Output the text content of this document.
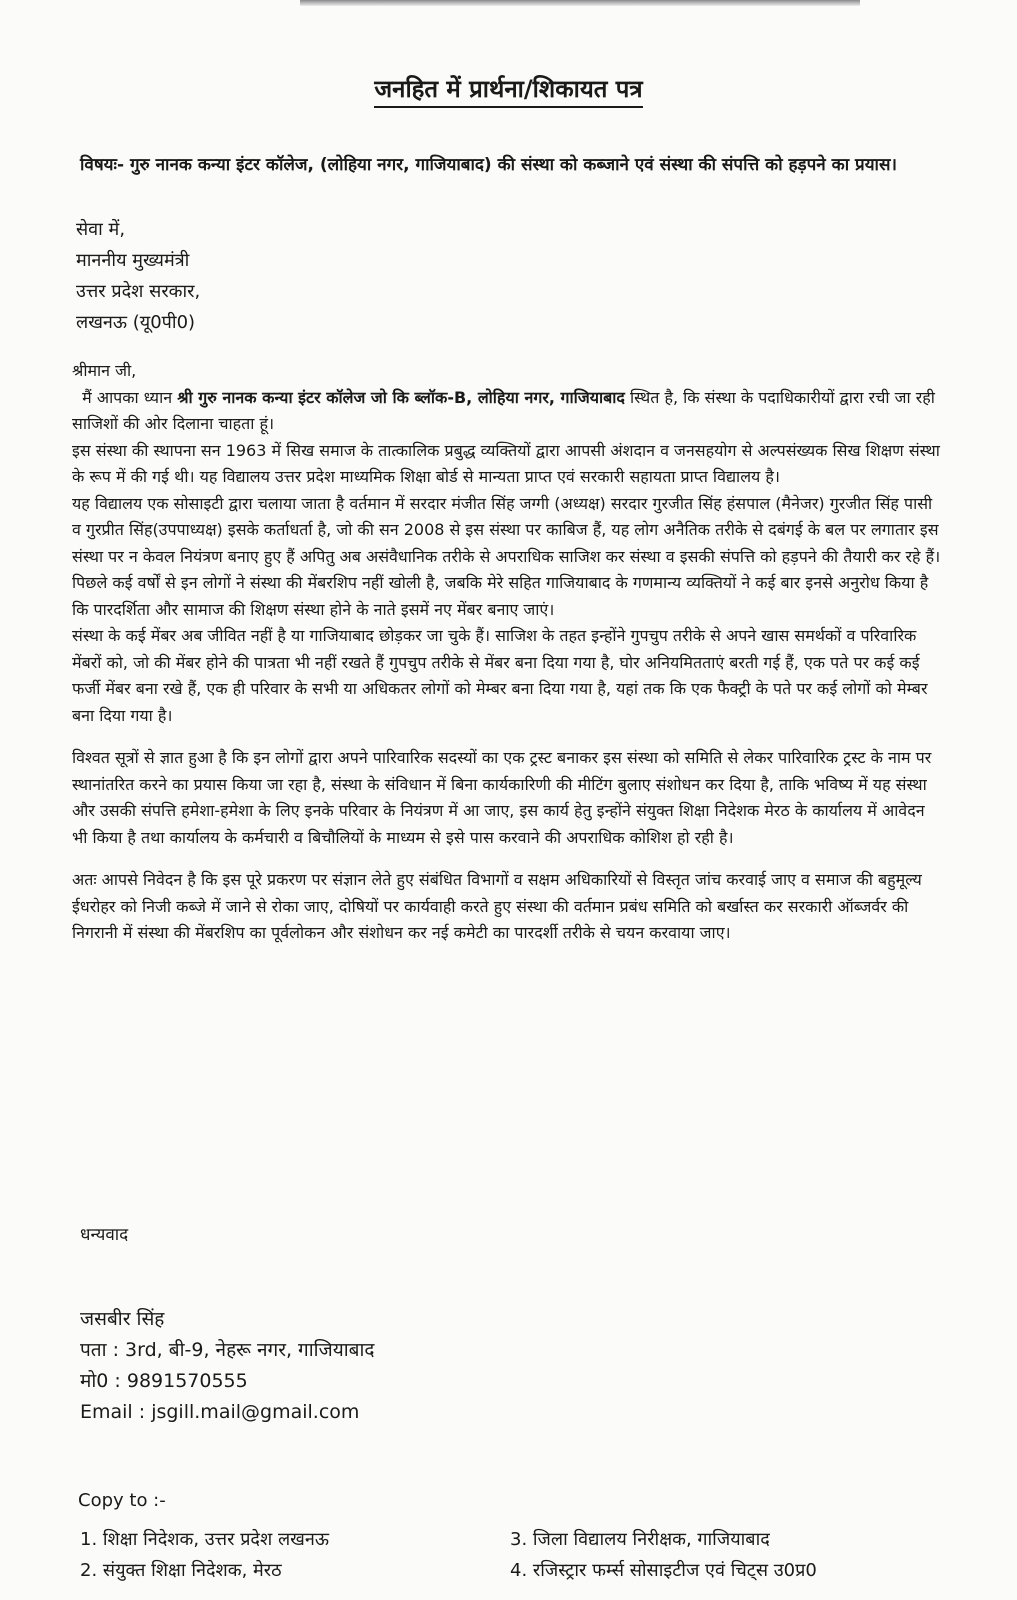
जनहित में प्रार्थना/शिकायत पत्र
विषयः- गुरु नानक कन्या इंटर कॉलेज, (लोहिया नगर, गाजियाबाद) की संस्था को कब्जाने एवं संस्था की संपत्ति को हड़पने का प्रयास।
सेवा में,
माननीय मुख्यमंत्री
उत्तर प्रदेश सरकार,
लखनऊ (यू0पी0)

श्रीमान जी,

मैं आपका ध्यान श्री गुरु नानक कन्या इंटर कॉलेज जो कि ब्लॉक-B, लोहिया नगर, गाजियाबाद स्थित है, कि संस्था के पदाधिकारीयों द्वारा रची जा रही साजिशों की ओर दिलाना चाहता हूं।

इस संस्था की स्थापना सन 1963 में सिख समाज के तात्कालिक प्रबुद्ध व्यक्तियों द्वारा आपसी अंशदान व जनसहयोग से अल्पसंख्यक सिख शिक्षण संस्था के रूप में की गई थी। यह विद्यालय उत्तर प्रदेश माध्यमिक शिक्षा बोर्ड से मान्यता प्राप्त एवं सरकारी सहायता प्राप्त विद्यालय है।

यह विद्यालय एक सोसाइटी द्वारा चलाया जाता है वर्तमान में सरदार मंजीत सिंह जग्गी (अध्यक्ष) सरदार गुरजीत सिंह हंसपाल (मैनेजर) गुरजीत सिंह पासी व गुरप्रीत सिंह(उपपाध्यक्ष) इसके कर्ताधर्ता है, जो की सन 2008 से इस संस्था पर काबिज हैं, यह लोग अनैतिक तरीके से दबंगई के बल पर लगातार इस संस्था पर न केवल नियंत्रण बनाए हुए हैं अपितु अब असंवैधानिक तरीके से अपराधिक साजिश कर संस्था व इसकी संपत्ति को हड़पने की तैयारी कर रहे हैं।

पिछले कई वर्षों से इन लोगों ने संस्था की मेंबरशिप नहीं खोली है, जबकि मेरे सहित गाजियाबाद के गणमान्य व्यक्तियों ने कई बार इनसे अनुरोध किया है कि पारदर्शिता और सामाज की शिक्षण संस्था होने के नाते इसमें नए मेंबर बनाए जाएं।

संस्था के कई मेंबर अब जीवित नहीं है या गाजियाबाद छोड़कर जा चुके हैं। साजिश के तहत इन्होंने गुपचुप तरीके से अपने खास समर्थकों व परिवारिक मेंबरों को, जो की मेंबर होने की पात्रता भी नहीं रखते हैं गुपचुप तरीके से मेंबर बना दिया गया है, घोर अनियमितताएं बरती गई हैं, एक पते पर कई कई फर्जी मेंबर बना रखे हैं, एक ही परिवार के सभी या अधिकतर लोगों को मेम्बर बना दिया गया है, यहां तक कि एक फैक्ट्री के पते पर कई लोगों को मेम्बर बना दिया गया है।

विश्वत सूत्रों से ज्ञात हुआ है कि इन लोगों द्वारा अपने पारिवारिक सदस्यों का एक ट्रस्ट बनाकर इस संस्था को समिति से लेकर पारिवारिक ट्रस्ट के नाम पर स्थानांतरित करने का प्रयास किया जा रहा है, संस्था के संविधान में बिना कार्यकारिणी की मीटिंग बुलाए संशोधन कर दिया है, ताकि भविष्य में यह संस्था और उसकी संपत्ति हमेशा-हमेशा के लिए इनके परिवार के नियंत्रण में आ जाए, इस कार्य हेतु इन्होंने संयुक्त शिक्षा निदेशक मेरठ के कार्यालय में आवेदन भी किया है तथा कार्यालय के कर्मचारी व बिचौलियों के माध्यम से इसे पास करवाने की अपराधिक कोशिश हो रही है।

अतः आपसे निवेदन है कि इस पूरे प्रकरण पर संज्ञान लेते हुए संबंधित विभागों व सक्षम अधिकारियों से विस्तृत जांच करवाई जाए व समाज की बहुमूल्य ईधरोहर को निजी कब्जे में जाने से रोका जाए, दोषियों पर कार्यवाही करते हुए संस्था की वर्तमान प्रबंध समिति को बर्खास्त कर सरकारी ऑब्जर्वर की निगरानी में संस्था की मेंबरशिप का पूर्वलोकन और संशोधन कर नई कमेटी का पारदर्शी तरीके से चयन करवाया जाए।

धन्यवाद
जसबीर सिंह
पता : 3rd, बी-9, नेहरू नगर, गाजियाबाद
मो0 : 9891570555
Email : jsgill.mail@gmail.com
Copy to :-
1. शिक्षा निदेशक, उत्तर प्रदेश लखनऊ	3. जिला विद्यालय निरीक्षक, गाजियाबाद
2. संयुक्त शिक्षा निदेशक, मेरठ	4. रजिस्ट्रार फर्म्स सोसाइटीज एवं चिट्स उ0प्र0
